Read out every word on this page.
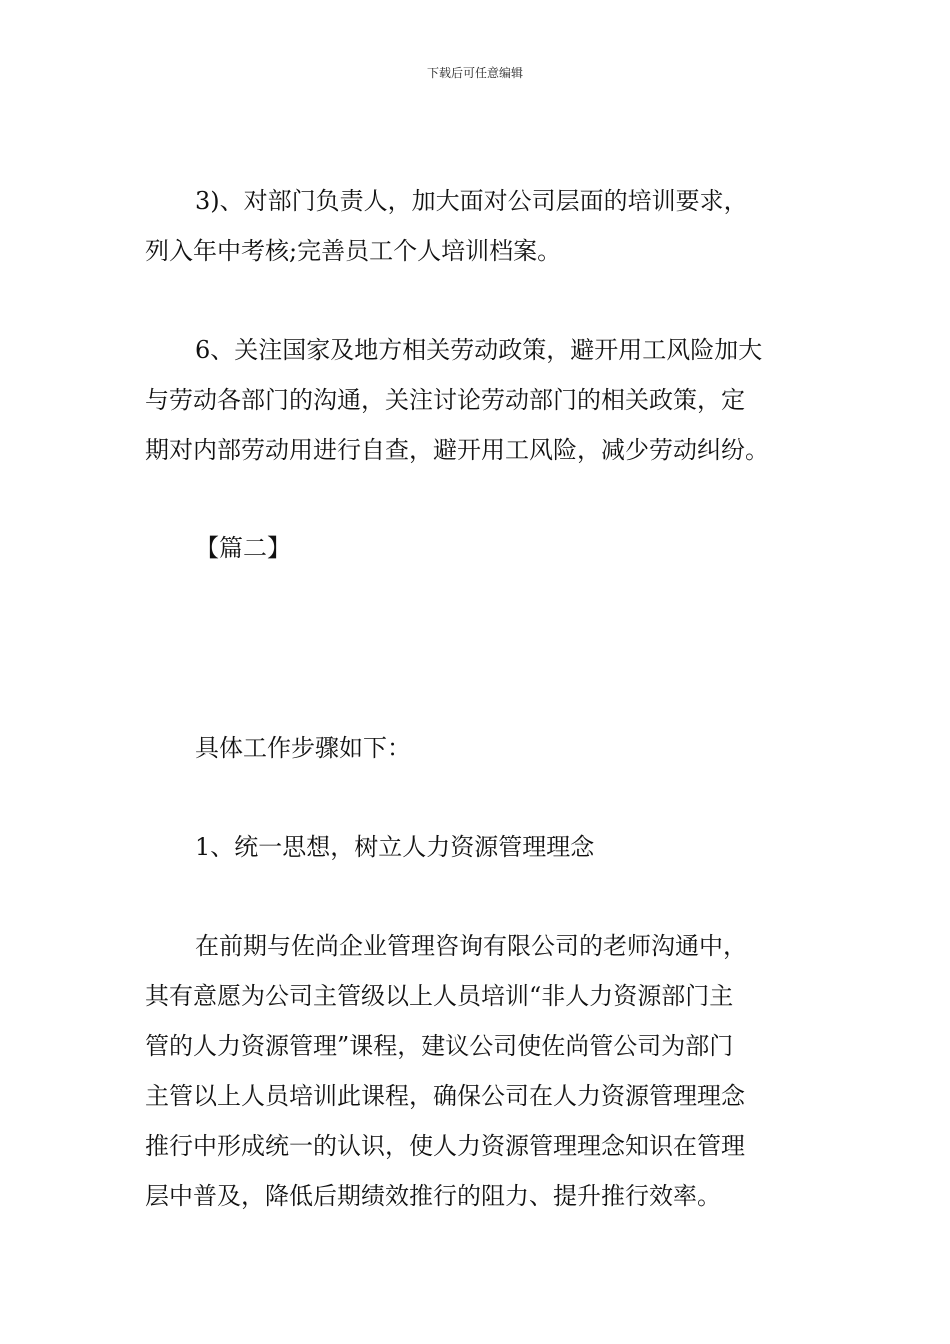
下载后可任意编辑
3)、对部门负责人，加大面对公司层面的培训要求，
列入年中考核;完善员工个人培训档案。
6、关注国家及地方相关劳动政策，避开用工风险加大
与劳动各部门的沟通，关注讨论劳动部门的相关政策，定
期对内部劳动用进行自查，避开用工风险，减少劳动纠纷。
【篇二】
具体工作步骤如下：
1、统一思想，树立人力资源管理理念
在前期与佐尚企业管理咨询有限公司的老师沟通中，
其有意愿为公司主管级以上人员培训“非人力资源部门主
管的人力资源管理”课程，建议公司使佐尚管公司为部门
主管以上人员培训此课程，确保公司在人力资源管理理念
推行中形成统一的认识，使人力资源管理理念知识在管理
层中普及，降低后期绩效推行的阻力、提升推行效率。
